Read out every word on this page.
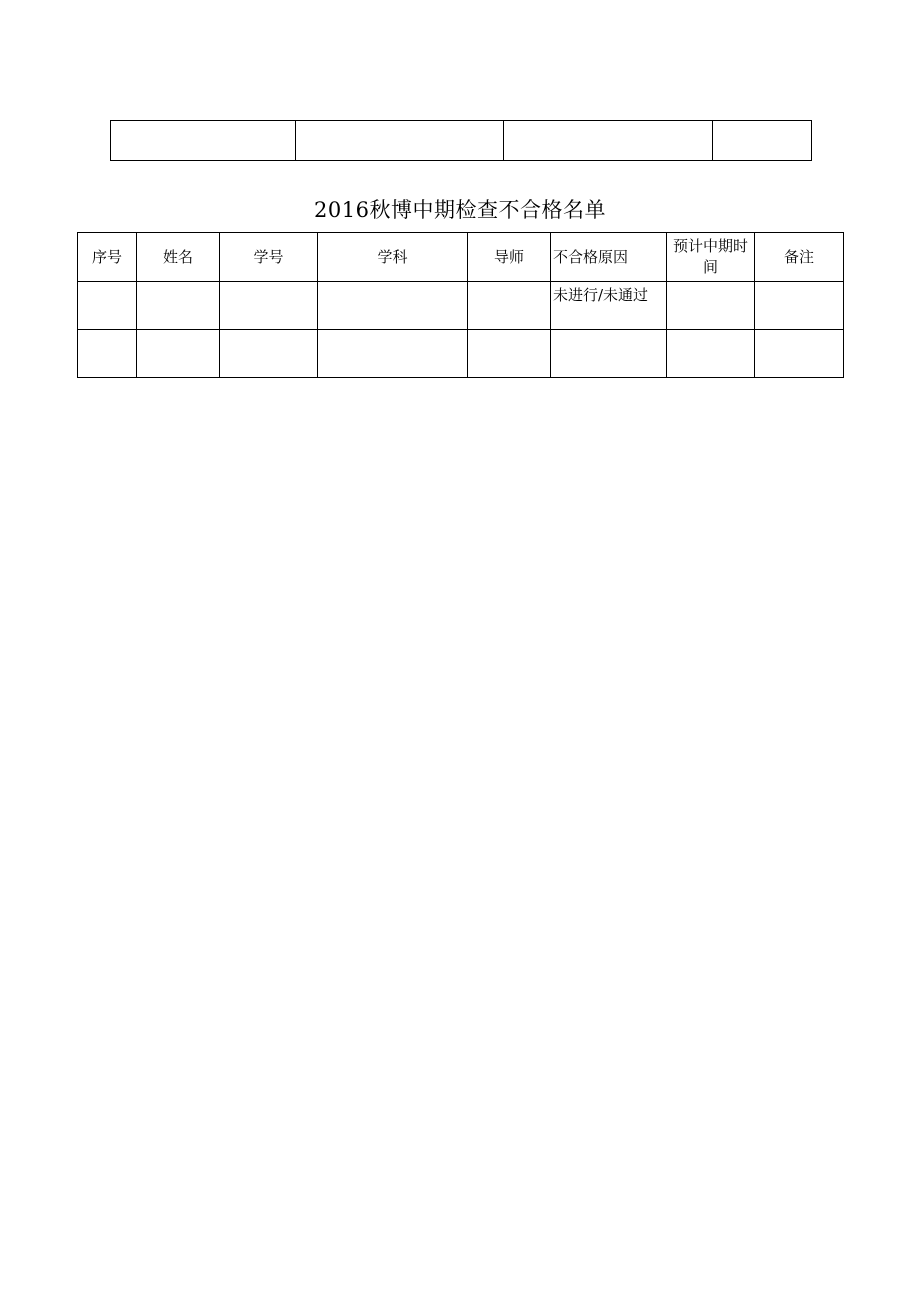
2016秋博中期检查不合格名单
序号	姓名	学号	学科	导师	不合格原因	预计中期时间	备注
					未进行/未通过		
